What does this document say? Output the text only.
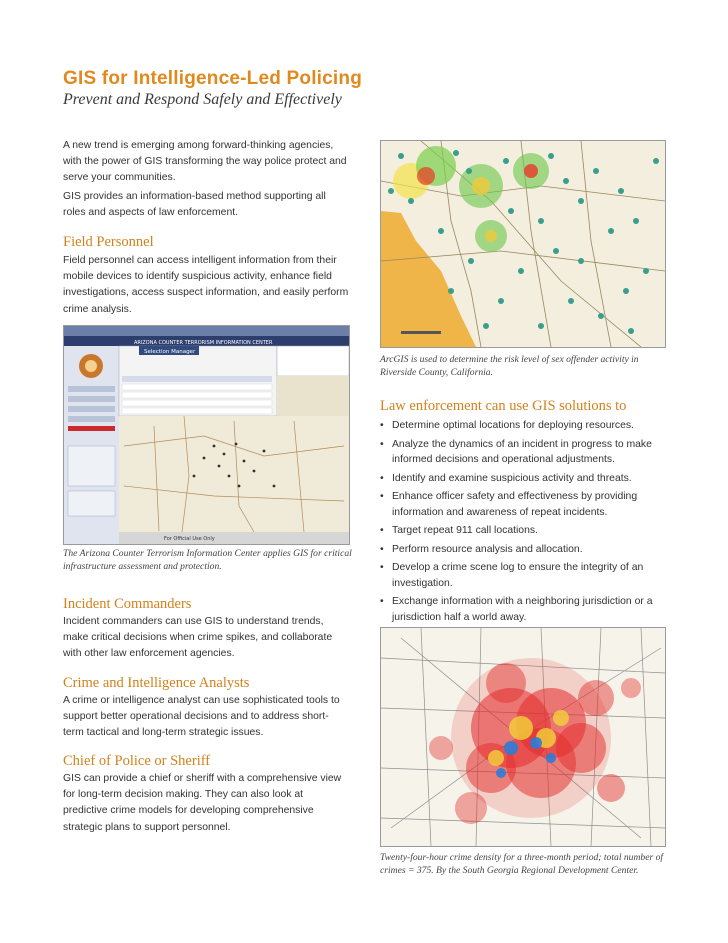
GIS for Intelligence-Led Policing
Prevent and Respond Safely and Effectively
A new trend is emerging among forward-thinking agencies, with the power of GIS transforming the way police protect and serve your communities.
GIS provides an information-based method supporting all roles and aspects of law enforcement.
Field Personnel
Field personnel can access intelligent information from their mobile devices to identify suspicious activity, enhance field investigations, access suspect information, and easily perform crime analysis.
ARIZONA COUNTER TERRORISM INFORMATION CENTER
Selection Manager
For Official Use Only
The Arizona Counter Terrorism Information Center applies GIS for critical infrastructure assessment and protection.
Incident Commanders
Incident commanders can use GIS to understand trends, make critical decisions when crime spikes, and collaborate with other law enforcement agencies.
Crime and Intelligence Analysts
A crime or intelligence analyst can use sophisticated tools to support better operational decisions and to address short-term tactical and long-term strategic issues.
Chief of Police or Sheriff
GIS can provide a chief or sheriff with a comprehensive view for long-term decision making. They can also look at predictive crime models for developing comprehensive strategic plans to support personnel.
ArcGIS is used to determine the risk level of sex offender activity in Riverside County, California.
Law enforcement can use GIS solutions to
• Determine optimal locations for deploying resources.
• Analyze the dynamics of an incident in progress to make informed decisions and operational adjustments.
• Identify and examine suspicious activity and threats.
• Enhance officer safety and effectiveness by providing information and awareness of repeat incidents.
• Target repeat 911 call locations.
• Perform resource analysis and allocation.
• Develop a crime scene log to ensure the integrity of an investigation.
• Exchange information with a neighboring jurisdiction or a jurisdiction half a world away.
Twenty-four-hour crime density for a three-month period; total number of crimes = 375. By the South Georgia Regional Development Center.
